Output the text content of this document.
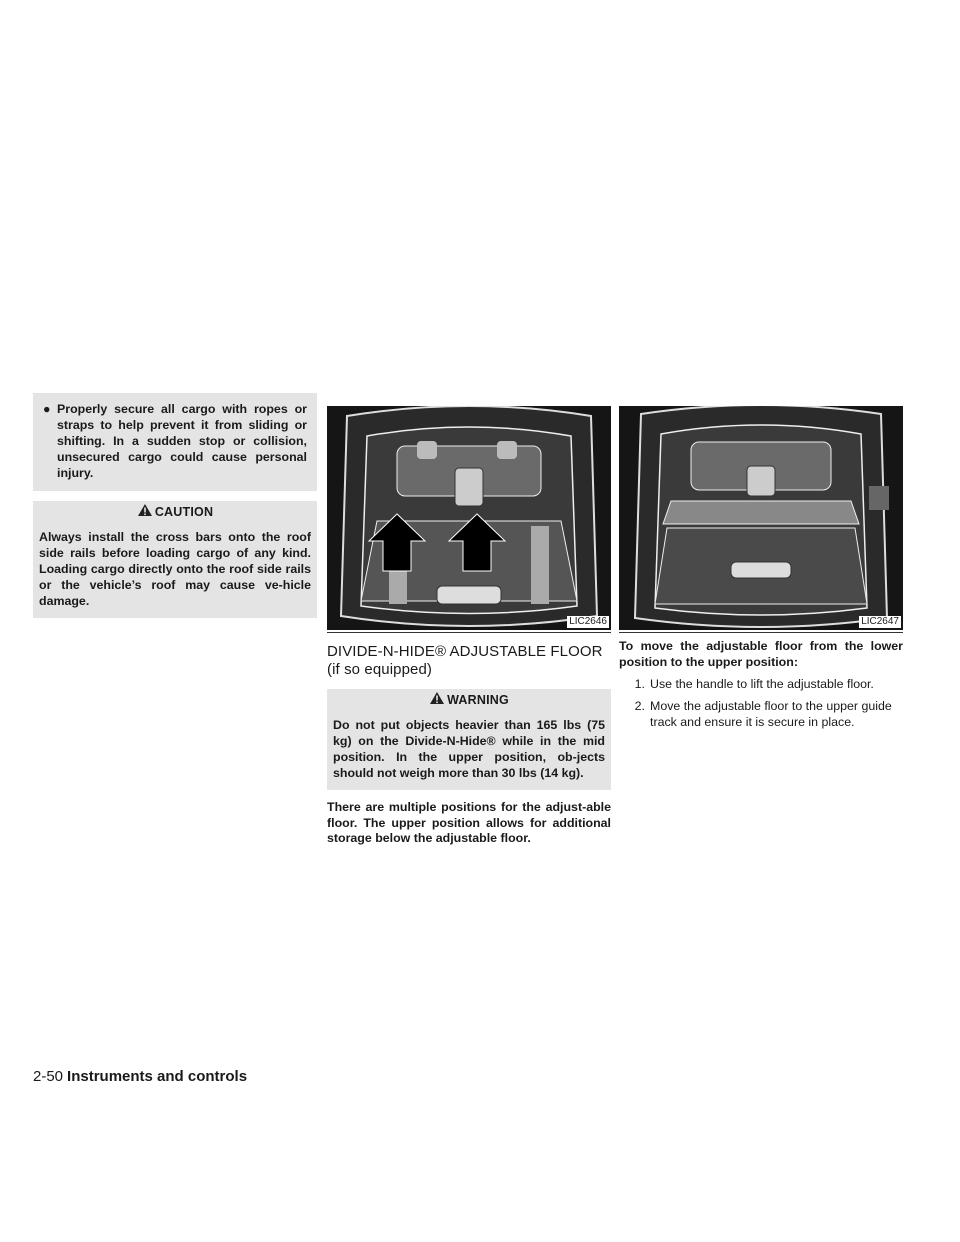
● Properly secure all cargo with ropes or straps to help prevent it from sliding or shifting. In a sudden stop or collision, unsecured cargo could cause personal injury.
CAUTION
Always install the cross bars onto the roof side rails before loading cargo of any kind. Loading cargo directly onto the roof side rails or the vehicle’s roof may cause ve-hicle damage.
LIC2646
DIVIDE-N-HIDE® ADJUSTABLE FLOOR (if so equipped)
WARNING
Do not put objects heavier than 165 lbs (75 kg) on the Divide-N-Hide® while in the mid position. In the upper position, ob-jects should not weigh more than 30 lbs (14 kg).
There are multiple positions for the adjust-able floor. The upper position allows for additional storage below the adjustable floor.
LIC2647
To move the adjustable floor from the lower position to the upper position:
1. Use the handle to lift the adjustable floor.
2. Move the adjustable floor to the upper guide track and ensure it is secure in place.
2-50 Instruments and controls
